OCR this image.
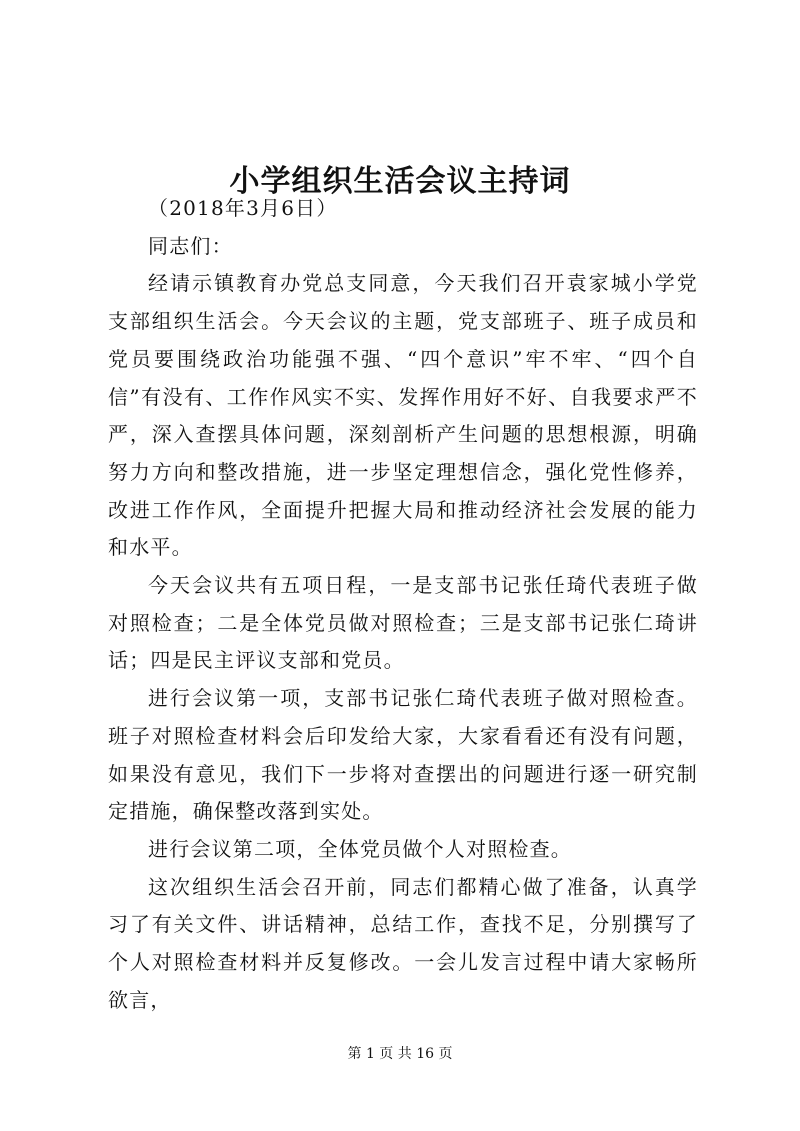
小学组织生活会议主持词

（2018年3月6日）

同志们：

经请示镇教育办党总支同意，今天我们召开袁家城小学党支部组织生活会。今天会议的主题，党支部班子、班子成员和党员要围绕政治功能强不强、“四个意识”牢不牢、“四个自信”有没有、工作作风实不实、发挥作用好不好、自我要求严不严，深入查摆具体问题，深刻剖析产生问题的思想根源，明确努力方向和整改措施，进一步坚定理想信念，强化党性修养，改进工作作风，全面提升把握大局和推动经济社会发展的能力和水平。

今天会议共有五项日程，一是支部书记张任琦代表班子做对照检查；二是全体党员做对照检查；三是支部书记张仁琦讲话；四是民主评议支部和党员。

进行会议第一项，支部书记张仁琦代表班子做对照检查。班子对照检查材料会后印发给大家，大家看看还有没有问题，如果没有意见，我们下一步将对查摆出的问题进行逐一研究制定措施，确保整改落到实处。

进行会议第二项，全体党员做个人对照检查。

这次组织生活会召开前，同志们都精心做了准备，认真学习了有关文件、讲话精神，总结工作，查找不足，分别撰写了个人对照检查材料并反复修改。一会儿发言过程中请大家畅所欲言，

第 1 页 共 16 页
